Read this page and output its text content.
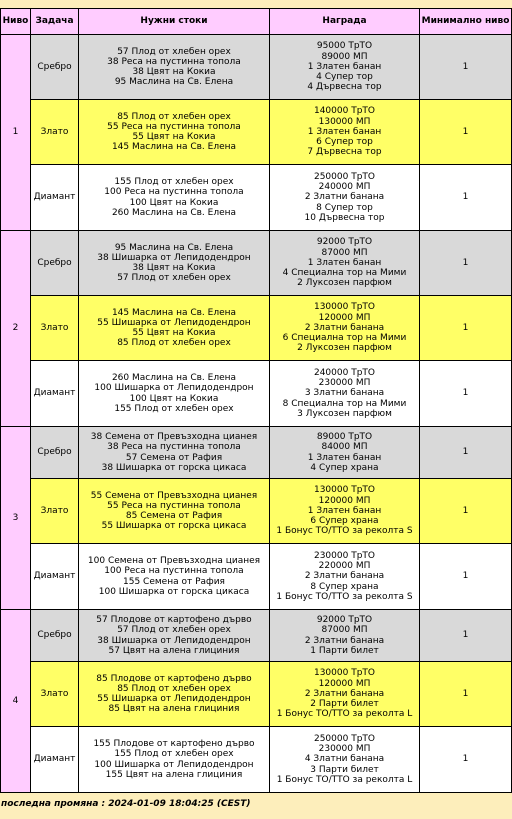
Ниво	Задача	Нужни стоки	Награда	Минимално ниво
1	Сребро	57 Плод от хлебен орех
38 Реса на пустинна топола
38 Цвят на Кокиа
95 Маслина на Св. Елена	95000 ТрТО
89000 МП
1 Златен банан
4 Супер тор
4 Дървесна тор	1
	Злато	85 Плод от хлебен орех
55 Реса на пустинна топола
55 Цвят на Кокиа
145 Маслина на Св. Елена	140000 ТрТО
130000 МП
1 Златен банан
6 Супер тор
7 Дървесна тор	1
	Диамант	155 Плод от хлебен орех
100 Реса на пустинна топола
100 Цвят на Кокиа
260 Маслина на Св. Елена	250000 ТрТО
240000 МП
2 Златни банана
8 Супер тор
10 Дървесна тор	1
2	Сребро	95 Маслина на Св. Елена
38 Шишарка от Лепидодендрон
38 Цвят на Кокиа
57 Плод от хлебен орех	92000 ТрТО
87000 МП
1 Златен банан
4 Специална тор на Мими
2 Луксозен парфюм	1
	Злато	145 Маслина на Св. Елена
55 Шишарка от Лепидодендрон
55 Цвят на Кокиа
85 Плод от хлебен орех	130000 ТрТО
120000 МП
2 Златни банана
6 Специална тор на Мими
2 Луксозен парфюм	1
	Диамант	260 Маслина на Св. Елена
100 Шишарка от Лепидодендрон
100 Цвят на Кокиа
155 Плод от хлебен орех	240000 ТрТО
230000 МП
3 Златни банана
8 Специална тор на Мими
3 Луксозен парфюм	1
3	Сребро	38 Семена от Превъзходна цианея
38 Реса на пустинна топола
57 Семена от Рафия
38 Шишарка от горска цикаса	89000 ТрТО
84000 МП
1 Златен банан
4 Супер храна	1
	Злато	55 Семена от Превъзходна цианея
55 Реса на пустинна топола
85 Семена от Рафия
55 Шишарка от горска цикаса	130000 ТрТО
120000 МП
1 Златен банан
6 Супер храна
1 Бонус ТО/ТТО за реколта S	1
	Диамант	100 Семена от Превъзходна цианея
100 Реса на пустинна топола
155 Семена от Рафия
100 Шишарка от горска цикаса	230000 ТрТО
220000 МП
2 Златни банана
8 Супер храна
1 Бонус ТО/ТТО за реколта S	1
4	Сребро	57 Плодове от картофено дърво
57 Плод от хлебен орех
38 Шишарка от Лепидодендрон
57 Цвят на алена глициния	92000 ТрТО
87000 МП
2 Златни банана
1 Парти билет	1
	Злато	85 Плодове от картофено дърво
85 Плод от хлебен орех
55 Шишарка от Лепидодендрон
85 Цвят на алена глициния	130000 ТрТО
120000 МП
2 Златни банана
2 Парти билет
1 Бонус ТО/ТТО за реколта L	1
	Диамант	155 Плодове от картофено дърво
155 Плод от хлебен орех
100 Шишарка от Лепидодендрон
155 Цвят на алена глициния	250000 ТрТО
230000 МП
4 Златни банана
3 Парти билет
1 Бонус ТО/ТТО за реколта L	1
последна промяна : 2024-01-09 18:04:25 (CEST)
